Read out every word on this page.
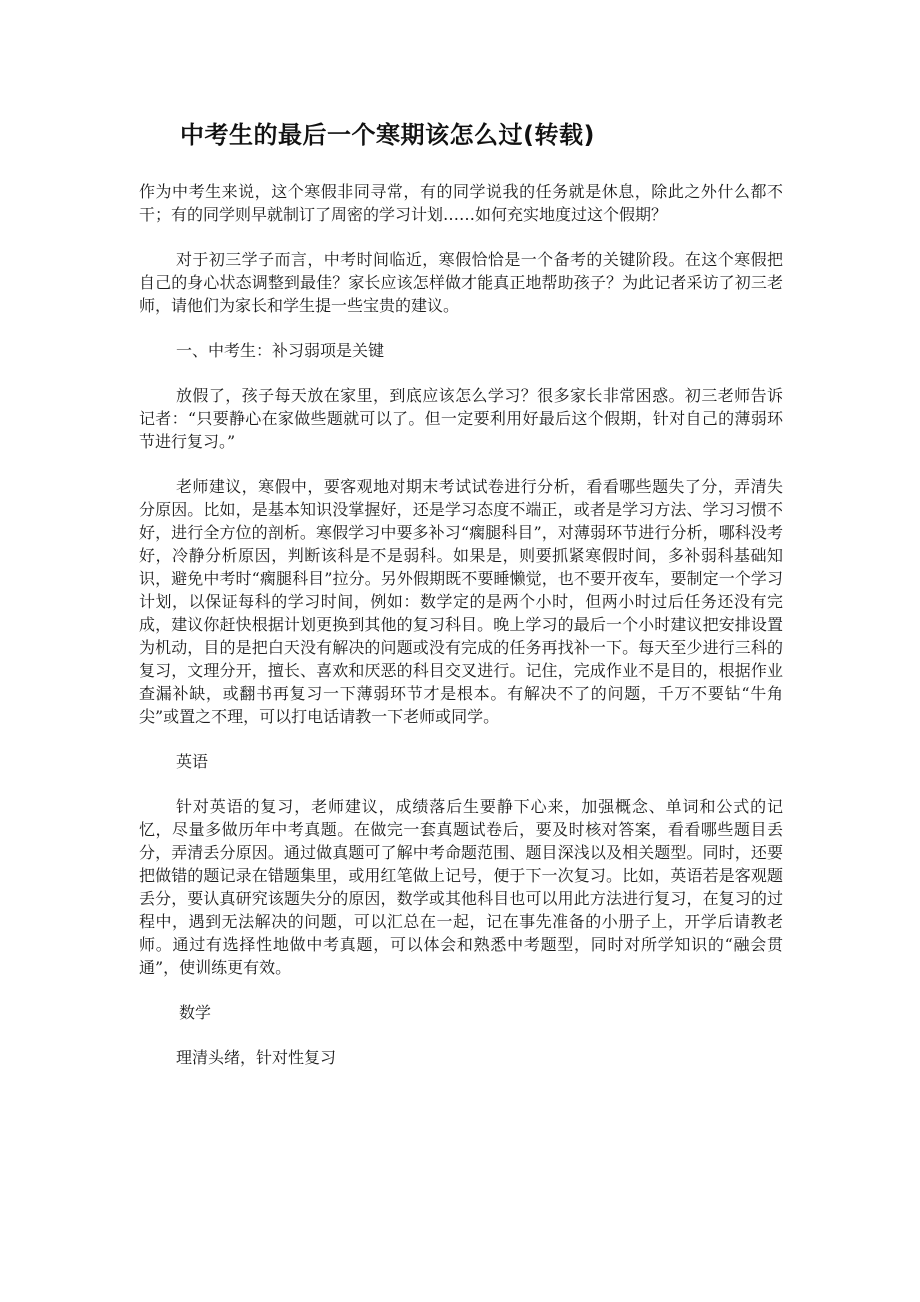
中考生的最后一个寒期该怎么过(转载)

作为中考生来说，这个寒假非同寻常，有的同学说我的任务就是休息，除此之外什么都不干；有的同学则早就制订了周密的学习计划……如何充实地度过这个假期？

对于初三学子而言，中考时间临近，寒假恰恰是一个备考的关键阶段。在这个寒假把自己的身心状态调整到最佳？家长应该怎样做才能真正地帮助孩子？为此记者采访了初三老师，请他们为家长和学生提一些宝贵的建议。

一、中考生：补习弱项是关键

放假了，孩子每天放在家里，到底应该怎么学习？很多家长非常困惑。初三老师告诉记者：“只要静心在家做些题就可以了。但一定要利用好最后这个假期，针对自己的薄弱环节进行复习。”

老师建议，寒假中，要客观地对期末考试试卷进行分析，看看哪些题失了分，弄清失分原因。比如，是基本知识没掌握好，还是学习态度不端正，或者是学习方法、学习习惯不好，进行全方位的剖析。寒假学习中要多补习“瘸腿科目”，对薄弱环节进行分析，哪科没考好，冷静分析原因，判断该科是不是弱科。如果是，则要抓紧寒假时间，多补弱科基础知识，避免中考时“瘸腿科目”拉分。另外假期既不要睡懒觉，也不要开夜车，要制定一个学习计划，以保证每科的学习时间，例如：数学定的是两个小时，但两小时过后任务还没有完成，建议你赶快根据计划更换到其他的复习科目。晚上学习的最后一个小时建议把安排设置为机动，目的是把白天没有解决的问题或没有完成的任务再找补一下。每天至少进行三科的复习，文理分开，擅长、喜欢和厌恶的科目交叉进行。记住，完成作业不是目的，根据作业查漏补缺，或翻书再复习一下薄弱环节才是根本。有解决不了的问题，千万不要钻“牛角尖”或置之不理，可以打电话请教一下老师或同学。

英语

针对英语的复习，老师建议，成绩落后生要静下心来，加强概念、单词和公式的记忆，尽量多做历年中考真题。在做完一套真题试卷后，要及时核对答案，看看哪些题目丢分，弄清丢分原因。通过做真题可了解中考命题范围、题目深浅以及相关题型。同时，还要把做错的题记录在错题集里，或用红笔做上记号，便于下一次复习。比如，英语若是客观题丢分，要认真研究该题失分的原因，数学或其他科目也可以用此方法进行复习，在复习的过程中，遇到无法解决的问题，可以汇总在一起，记在事先准备的小册子上，开学后请教老师。通过有选择性地做中考真题，可以体会和熟悉中考题型，同时对所学知识的“融会贯通”，使训练更有效。

数学
理清头绪，针对性复习
